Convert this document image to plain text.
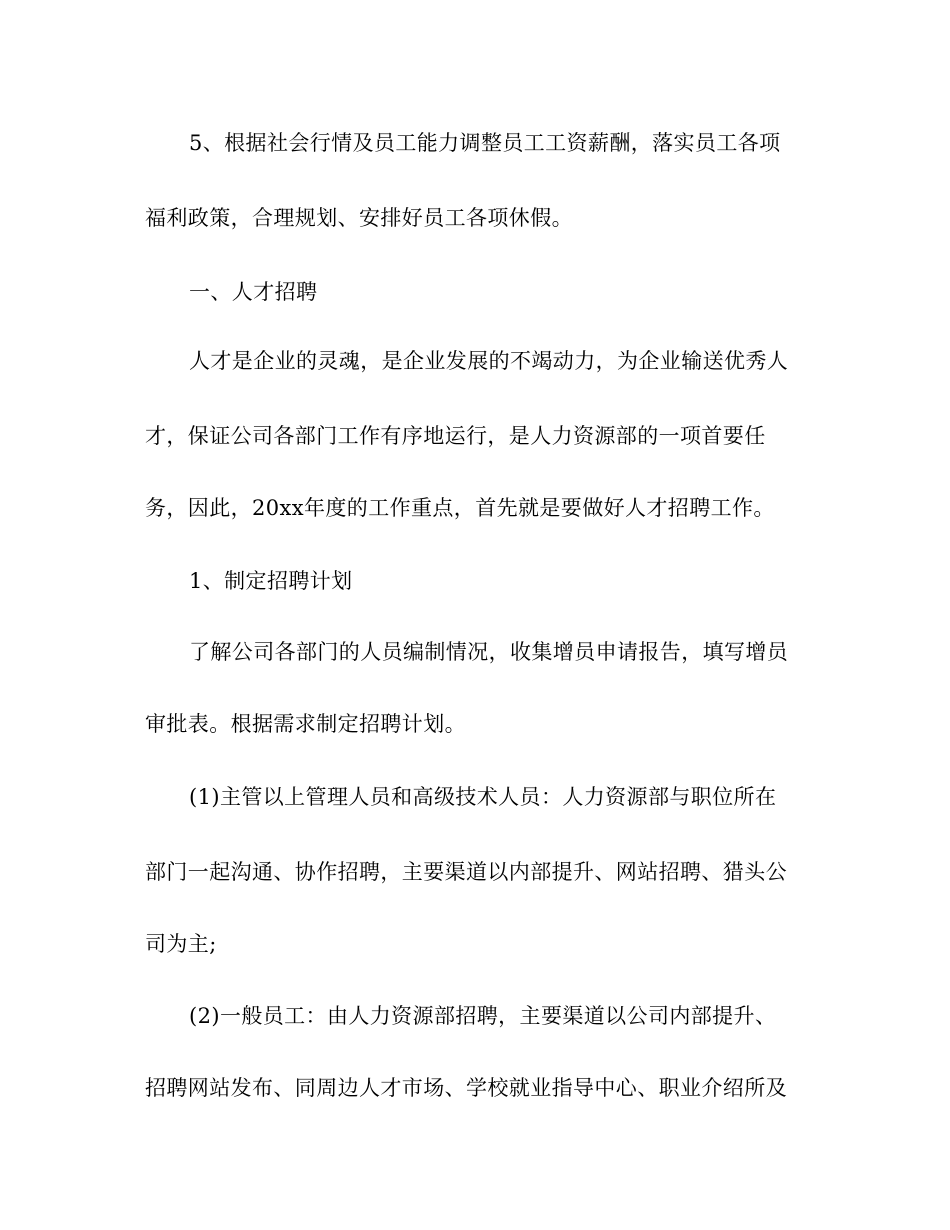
5、根据社会行情及员工能力调整员工工资薪酬，落实员工各项
福利政策，合理规划、安排好员工各项休假。
一、人才招聘
人才是企业的灵魂，是企业发展的不竭动力，为企业输送优秀人
才，保证公司各部门工作有序地运行，是人力资源部的一项首要任
务，因此，20xx年度的工作重点，首先就是要做好人才招聘工作。
1、制定招聘计划
了解公司各部门的人员编制情况，收集增员申请报告，填写增员
审批表。根据需求制定招聘计划。
(1)主管以上管理人员和高级技术人员：人力资源部与职位所在
部门一起沟通、协作招聘，主要渠道以内部提升、网站招聘、猎头公
司为主;
(2)一般员工：由人力资源部招聘，主要渠道以公司内部提升、
招聘网站发布、同周边人才市场、学校就业指导中心、职业介绍所及
